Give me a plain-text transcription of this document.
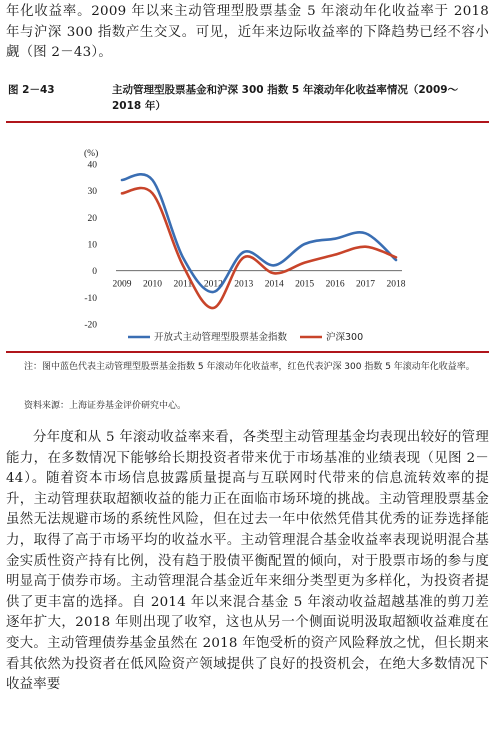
年化收益率。2009 年以来主动管理型股票基金 5 年滚动年化收益率于 2018 年与沪深 300 指数产生交叉。可见，近年来边际收益率的下降趋势已经不容小觑（图 2－43）。

图 2－43	主动管理型股票基金和沪深 300 指数 5 年滚动年化收益率情况（2009～2018 年）
(%)
40
30
20
10
0
-10
-20
2009 2010 2011 2012 2013 2014 2015 2016 2017 2018
开放式主动管理型股票基金指数	沪深300
注：图中蓝色代表主动管理型股票基金指数 5 年滚动年化收益率，红色代表沪深 300 指数 5 年滚动年化收益率。
资料来源：上海证券基金评价研究中心。

分年度和从 5 年滚动收益率来看，各类型主动管理基金均表现出较好的管理能力，在多数情况下能够给长期投资者带来优于市场基准的业绩表现（见图 2－44）。随着资本市场信息披露质量提高与互联网时代带来的信息流转效率的提升，主动管理获取超额收益的能力正在面临市场环境的挑战。主动管理股票基金虽然无法规避市场的系统性风险，但在过去一年中依然凭借其优秀的证券选择能力，取得了高于市场平均的收益水平。主动管理混合基金收益率表现说明混合基金实质性资产持有比例，没有趋于股债平衡配置的倾向，对于股票市场的参与度明显高于债券市场。主动管理混合基金近年来细分类型更为多样化，为投资者提供了更丰富的选择。自 2014 年以来混合基金 5 年滚动收益超越基准的剪刀差逐年扩大，2018 年则出现了收窄，这也从另一个侧面说明汲取超额收益难度在变大。主动管理债券基金虽然在 2018 年饱受析的资产风险释放之忧，但长期来看其依然为投资者在低风险资产领域提供了良好的投资机会，在绝大多数情况下收益率要
